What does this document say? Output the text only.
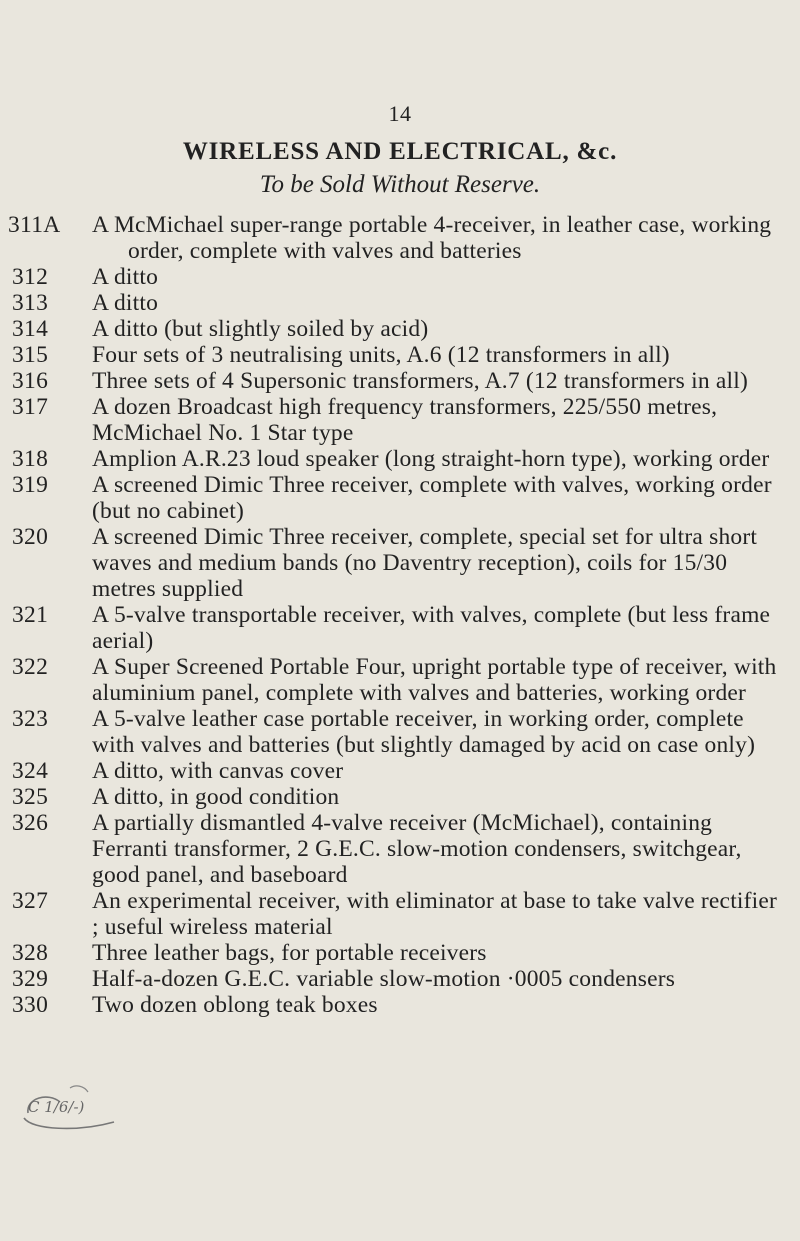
14
WIRELESS AND ELECTRICAL, &c.
To be Sold Without Reserve.
311A	A McMichael super-range portable 4-receiver, in leather case, working order, complete with valves and batteries
312	A ditto
313	A ditto
314	A ditto (but slightly soiled by acid)
315	Four sets of 3 neutralising units, A.6 (12 transformers in all)
316	Three sets of 4 Supersonic transformers, A.7 (12 transformers in all)
317	A dozen Broadcast high frequency transformers, 225/550 metres, McMichael No. 1 Star type
318	Amplion A.R.23 loud speaker (long straight-horn type), working order
319	A screened Dimic Three receiver, complete with valves, working order (but no cabinet)
320	A screened Dimic Three receiver, complete, special set for ultra short waves and medium bands (no Daventry reception), coils for 15/30 metres supplied
321	A 5-valve transportable receiver, with valves, complete (but less frame aerial)
322	A Super Screened Portable Four, upright portable type of receiver, with aluminium panel, complete with valves and batteries, working order
323	A 5-valve leather case portable receiver, in working order, complete with valves and batteries (but slightly damaged by acid on case only)
324	A ditto, with canvas cover
325	A ditto, in good condition
326	A partially dismantled 4-valve receiver (McMichael), containing Ferranti transformer, 2 G.E.C. slow-motion condensers, switchgear, good panel, and baseboard
327	An experimental receiver, with eliminator at base to take valve rectifier ; useful wireless material
328	Three leather bags, for portable receivers
329	Half-a-dozen G.E.C. variable slow-motion ·0005 condensers
330	Two dozen oblong teak boxes
C 1/6/-)
